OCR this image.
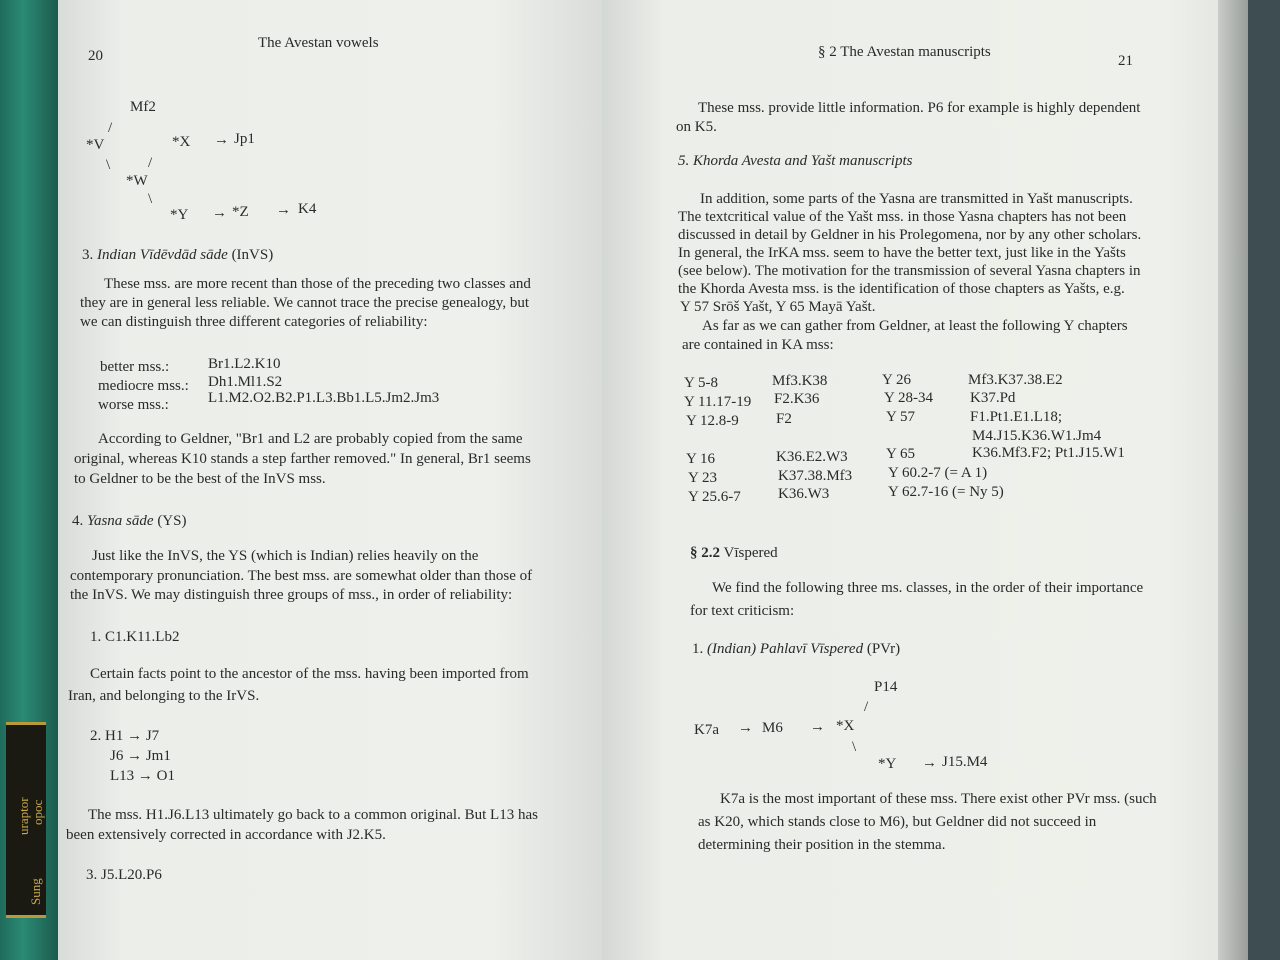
uraptor opoc
Sung
20
The Avestan vowels
Mf2
/
*V	*X → Jp1
\	/
*W
\
*Y → *Z → K4
3. Indian Vīdēvdād sāde (InVS)
These mss. are more recent than those of the preceding two classes and
they are in general less reliable. We cannot trace the precise genealogy, but
we can distinguish three different categories of reliability:
better mss.:	Br1.L2.K10
mediocre mss.: Dh1.Ml1.S2
worse mss.:	L1.M2.O2.B2.P1.L3.Bb1.L5.Jm2.Jm3
According to Geldner, "Br1 and L2 are probably copied from the same
original, whereas K10 stands a step farther removed." In general, Br1 seems
to Geldner to be the best of the InVS mss.
4. Yasna sāde (YS)
Just like the InVS, the YS (which is Indian) relies heavily on the
contemporary pronunciation. The best mss. are somewhat older than those of
the InVS. We may distinguish three groups of mss., in order of reliability:
1. C1.K11.Lb2
Certain facts point to the ancestor of the mss. having been imported from
Iran, and belonging to the IrVS.
2. H1 → J7
J6 → Jm1
L13 → O1
The mss. H1.J6.L13 ultimately go back to a common original. But L13 has
been extensively corrected in accordance with J2.K5.
3. J5.L20.P6
§ 2 The Avestan manuscripts
21
These mss. provide little information. P6 for example is highly dependent
on K5.
5. Khorda Avesta and Yašt manuscripts
In addition, some parts of the Yasna are transmitted in Yašt manuscripts.
The textcritical value of the Yašt mss. in those Yasna chapters has not been
discussed in detail by Geldner in his Prolegomena, nor by any other scholars.
In general, the IrKA mss. seem to have the better text, just like in the Yašts
(see below). The motivation for the transmission of several Yasna chapters in
the Khorda Avesta mss. is the identification of those chapters as Yašts, e.g.
Y 57 Srōš Yašt, Y 65 Mayā Yašt.
As far as we can gather from Geldner, at least the following Y chapters
are contained in KA mss:
Y 5-8	Mf3.K38
Y 11.17-19 F2.K36
Y 12.8-9 F2
Y 16	K36.E2.W3
Y 23	K37.38.Mf3
Y 25.6-7 K36.W3
Y 26	Mf3.K37.38.E2
Y 28-34 K37.Pd
Y 57	F1.Pt1.E1.L18;
M4.J15.K36.W1.Jm4
Y 65	K36.Mf3.F2; Pt1.J15.W1
Y 60.2-7 (= A 1)
Y 62.7-16 (= Ny 5)
§ 2.2 Vīspered
We find the following three ms. classes, in the order of their importance
for text criticism:
1. (Indian) Pahlavī Vīspered (PVr)
P14
/
K7a → M6 → *X
\
*Y → J15.M4
K7a is the most important of these mss. There exist other PVr mss. (such
as K20, which stands close to M6), but Geldner did not succeed in
determining their position in the stemma.
